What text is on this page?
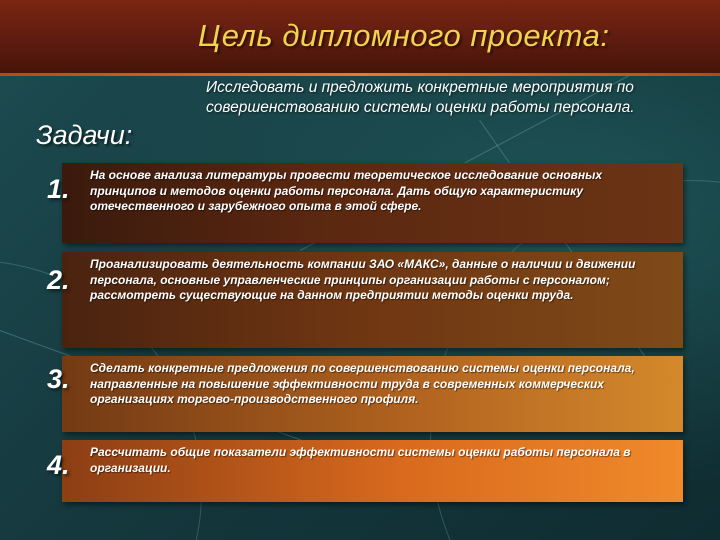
Цель дипломного проекта:
Исследовать и предложить конкретные мероприятия по совершенствованию системы оценки работы персонала.
Задачи:
На основе анализа литературы провести теоретическое исследование основных принципов и методов оценки работы персонала. Дать общую характеристику отечественного и зарубежного опыта в этой сфере.
1.
Проанализировать деятельность компании ЗАО «МАКС», данные о наличии и движении персонала, основные управленческие принципы организации работы с персоналом; рассмотреть существующие на данном предприятии методы оценки труда.
2.
Сделать конкретные предложения по совершенствованию системы оценки персонала, направленные на повышение эффективности труда в современных коммерческих организациях торгово-производственного профиля.
3.
Рассчитать общие показатели эффективности системы оценки работы персонала в организации.
4.
